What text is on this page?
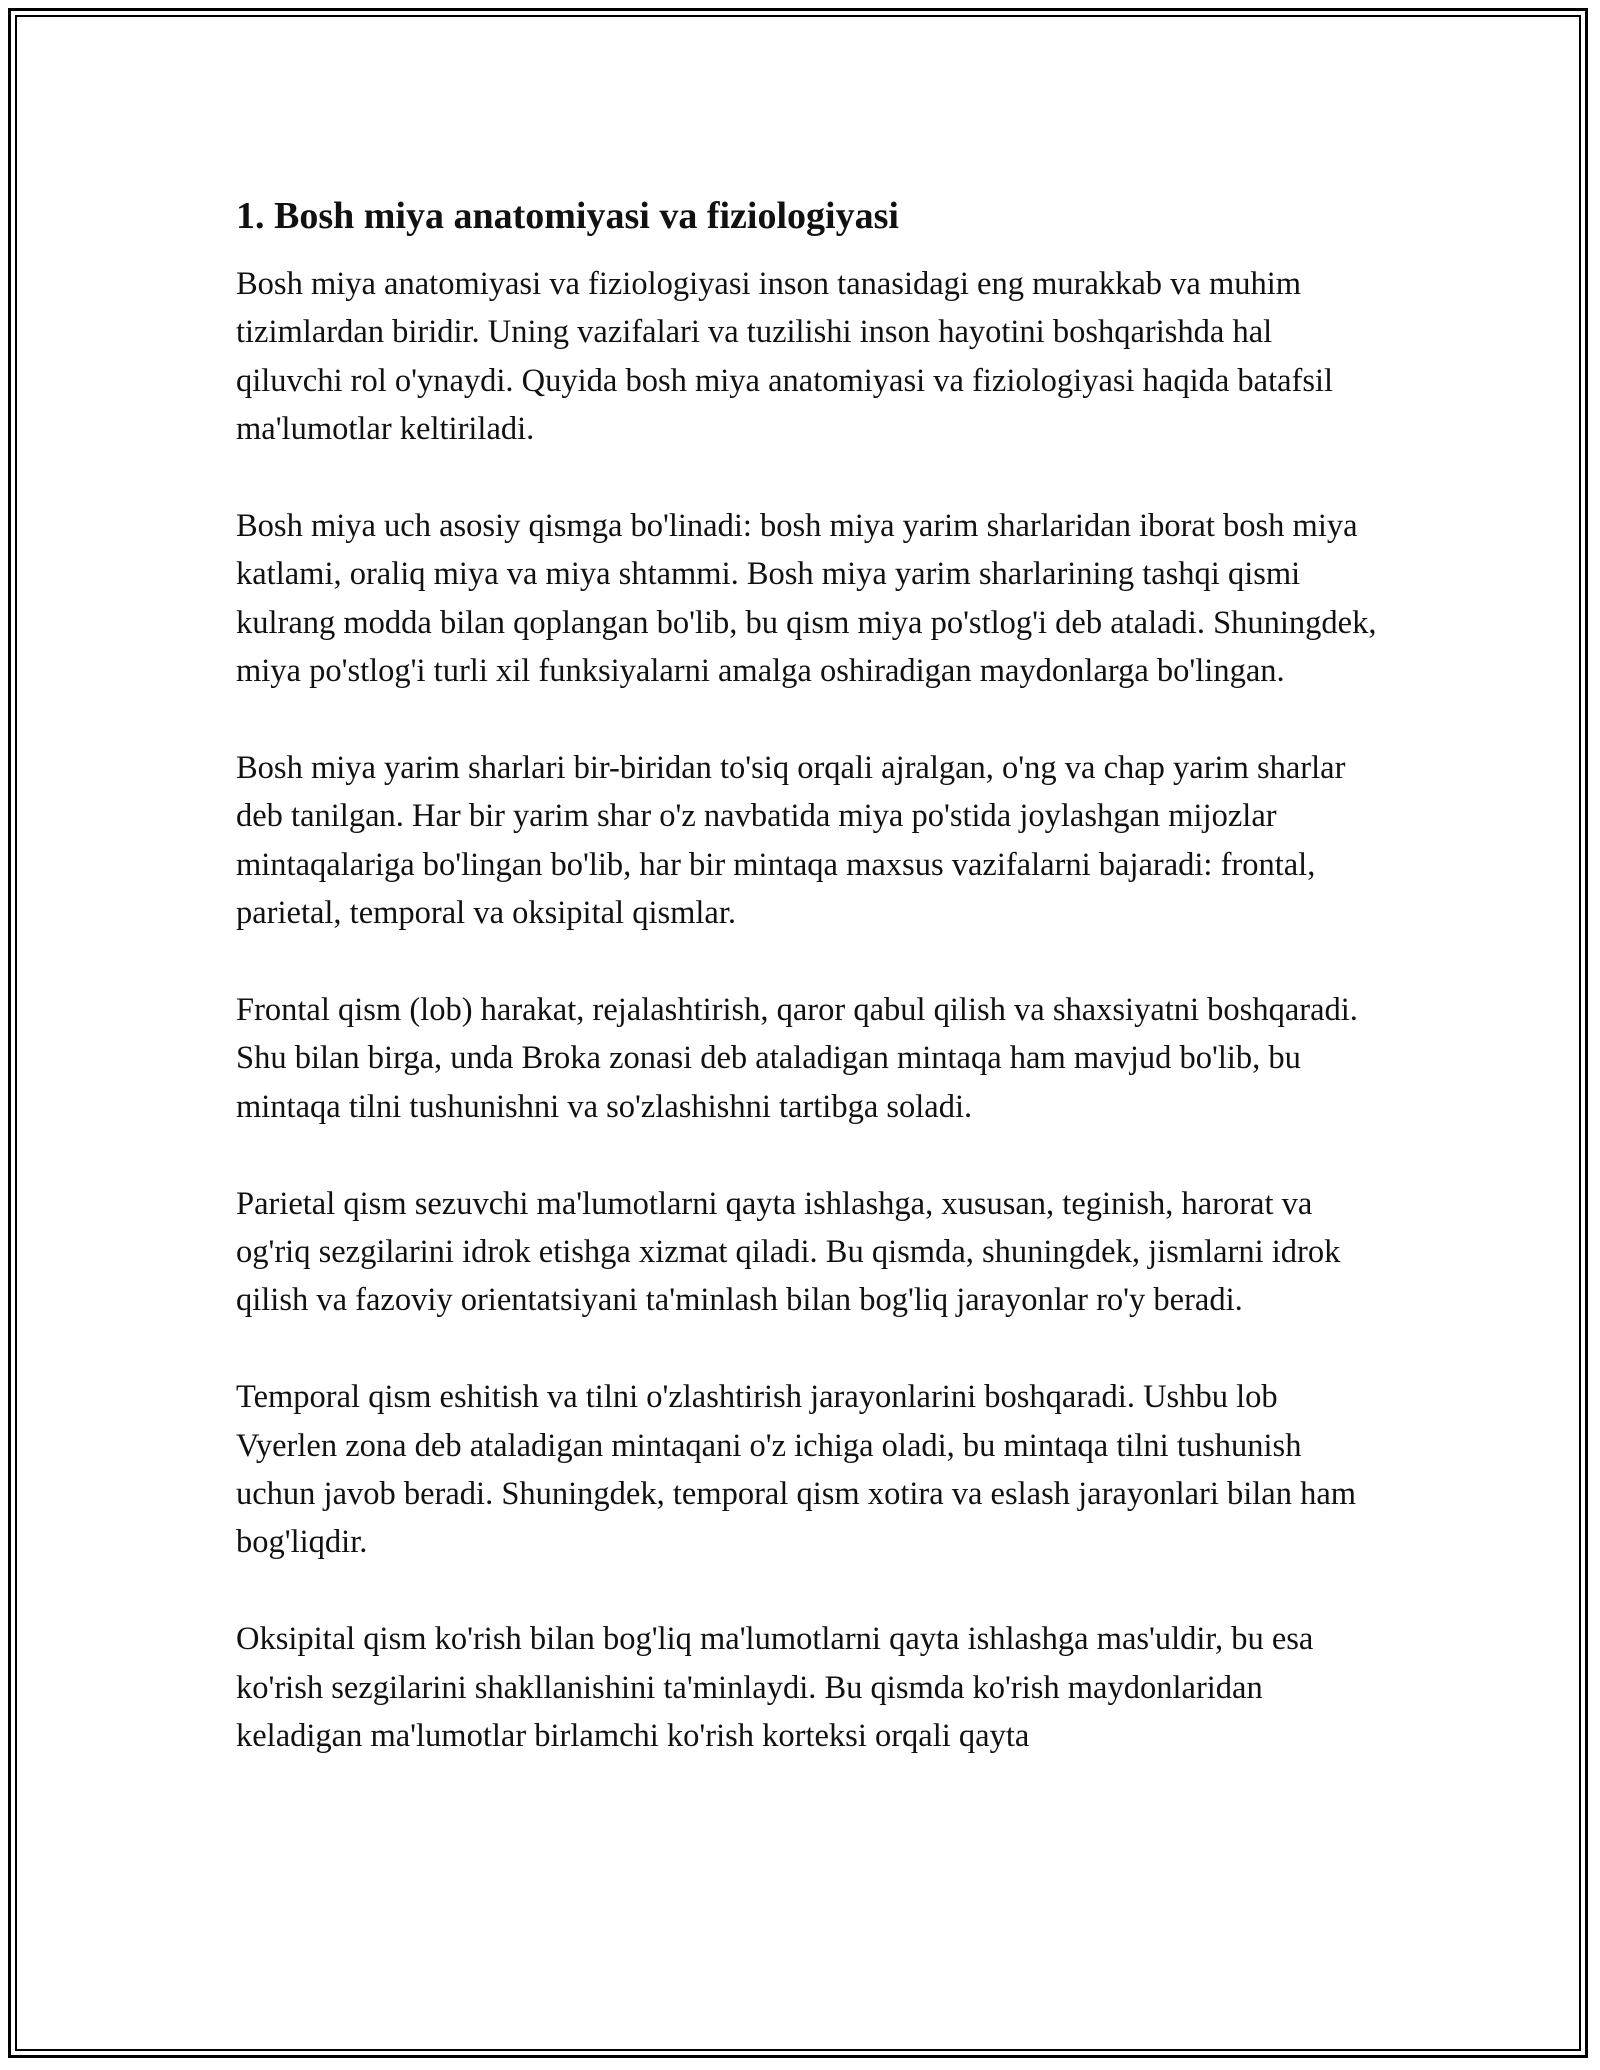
1. Bosh miya anatomiyasi va fiziologiyasi

Bosh miya anatomiyasi va fiziologiyasi inson tanasidagi eng murakkab va muhim tizimlardan biridir. Uning vazifalari va tuzilishi inson hayotini boshqarishda hal qiluvchi rol o'ynaydi. Quyida bosh miya anatomiyasi va fiziologiyasi haqida batafsil ma'lumotlar keltiriladi.

Bosh miya uch asosiy qismga bo'linadi: bosh miya yarim sharlaridan iborat bosh miya katlami, oraliq miya va miya shtammi. Bosh miya yarim sharlarining tashqi qismi kulrang modda bilan qoplangan bo'lib, bu qism miya po'stlog'i deb ataladi. Shuningdek, miya po'stlog'i turli xil funksiyalarni amalga oshiradigan maydonlarga bo'lingan.

Bosh miya yarim sharlari bir-biridan to'siq orqali ajralgan, o'ng va chap yarim sharlar deb tanilgan. Har bir yarim shar o'z navbatida miya po'stida joylashgan mijozlar mintaqalariga bo'lingan bo'lib, har bir mintaqa maxsus vazifalarni bajaradi: frontal, parietal, temporal va oksipital qismlar.

Frontal qism (lob) harakat, rejalashtirish, qaror qabul qilish va shaxsiyatni boshqaradi. Shu bilan birga, unda Broka zonasi deb ataladigan mintaqa ham mavjud bo'lib, bu mintaqa tilni tushunishni va so'zlashishni tartibga soladi.

Parietal qism sezuvchi ma'lumotlarni qayta ishlashga, xususan, teginish, harorat va og'riq sezgilarini idrok etishga xizmat qiladi. Bu qismda, shuningdek, jismlarni idrok qilish va fazoviy orientatsiyani ta'minlash bilan bog'liq jarayonlar ro'y beradi.

Temporal qism eshitish va tilni o'zlashtirish jarayonlarini boshqaradi. Ushbu lob Vyerlen zona deb ataladigan mintaqani o'z ichiga oladi, bu mintaqa tilni tushunish uchun javob beradi. Shuningdek, temporal qism xotira va eslash jarayonlari bilan ham bog'liqdir.

Oksipital qism ko'rish bilan bog'liq ma'lumotlarni qayta ishlashga mas'uldir, bu esa ko'rish sezgilarini shakllanishini ta'minlaydi. Bu qismda ko'rish maydonlaridan keladigan ma'lumotlar birlamchi ko'rish korteksi orqali qayta
